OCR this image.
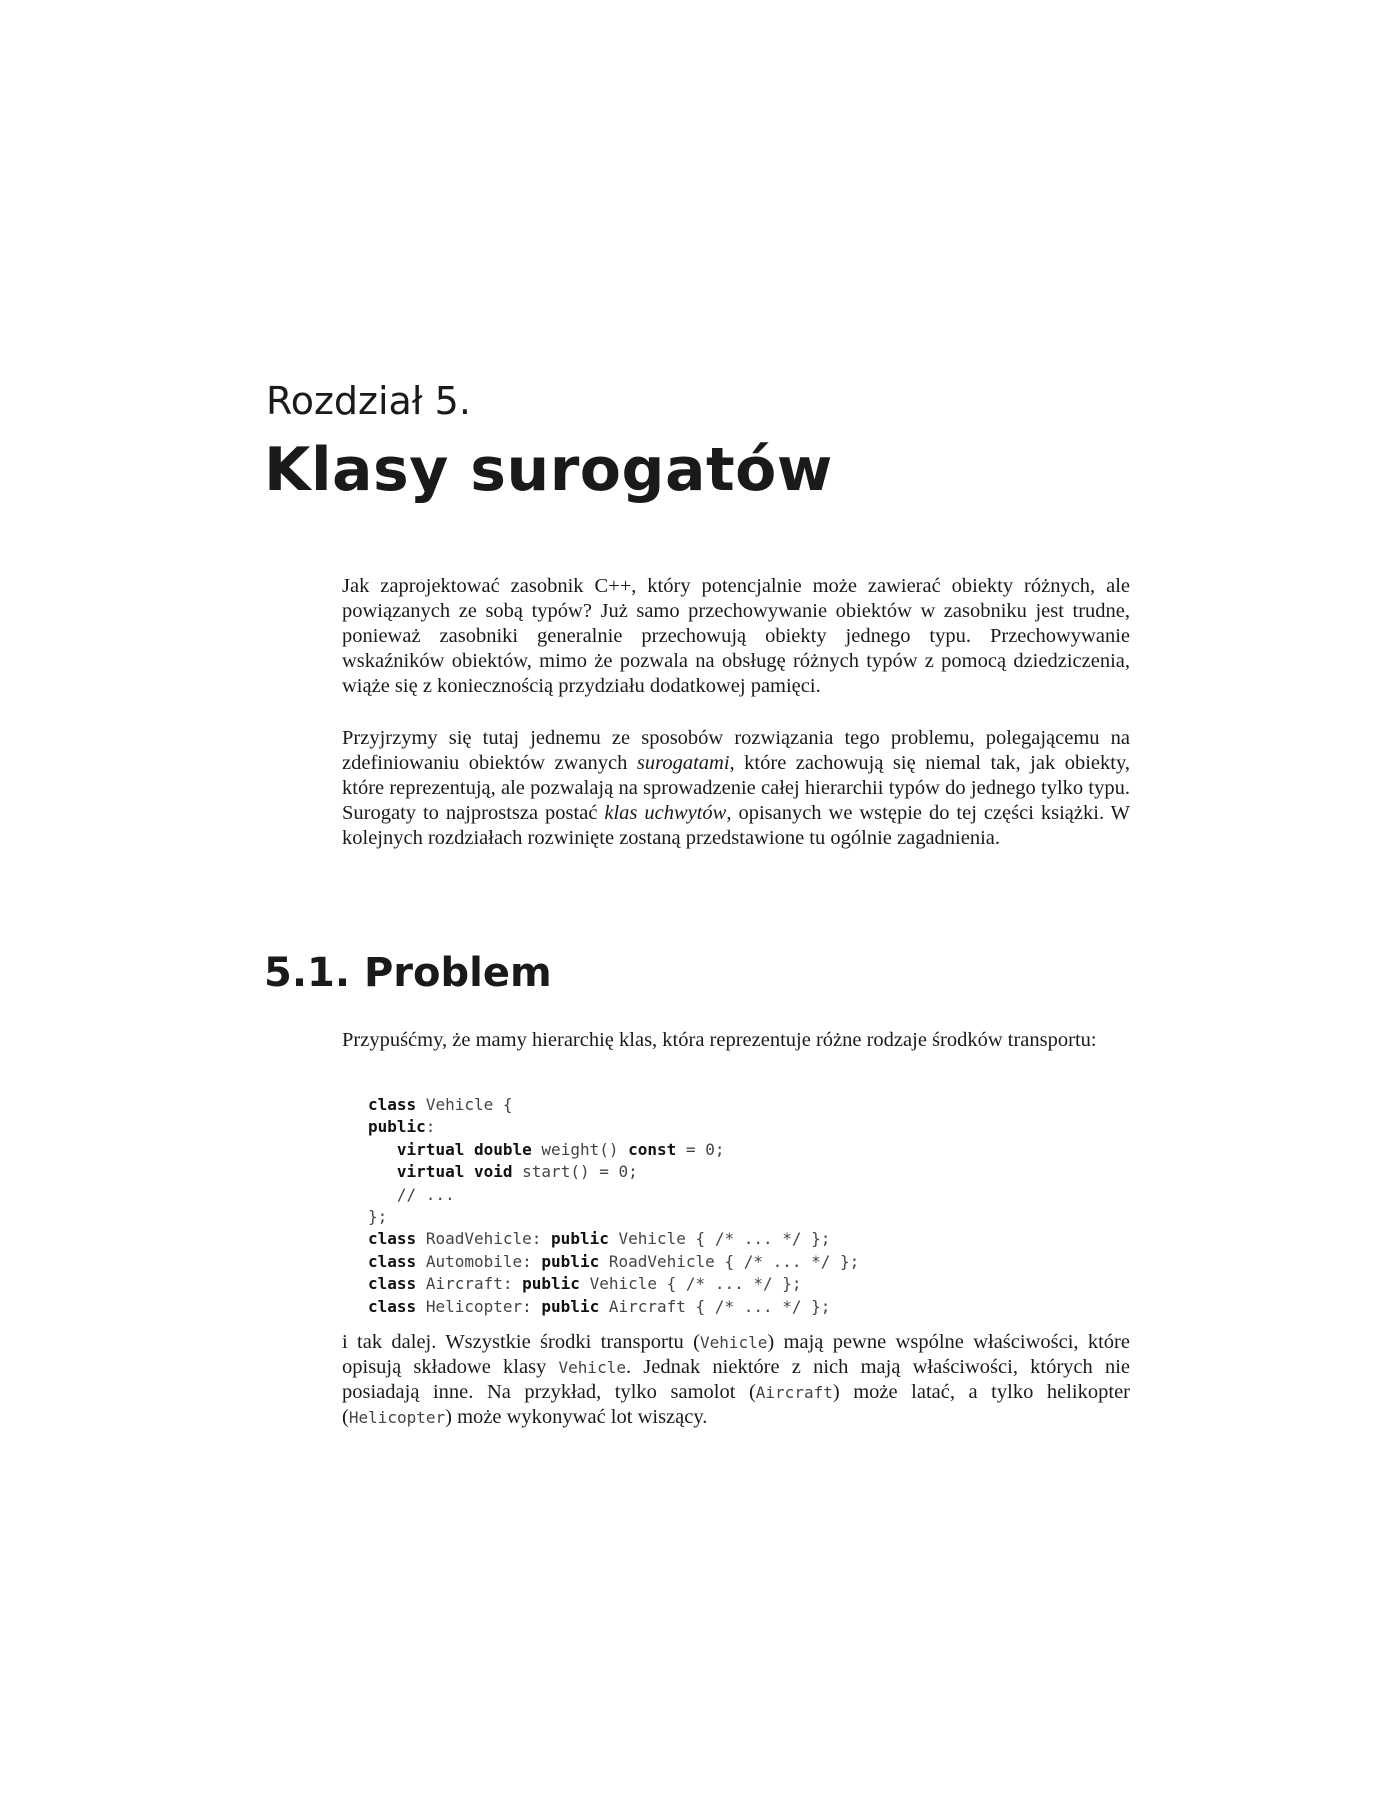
Rozdział 5.
Klasy surogatów

Jak zaprojektować zasobnik C++, który potencjalnie może zawierać obiekty różnych, ale powiązanych ze sobą typów? Już samo przechowywanie obiektów w zasobniku jest trudne, ponieważ zasobniki generalnie przechowują obiekty jednego typu. Przechowywanie wskaźników obiektów, mimo że pozwala na obsługę różnych typów z pomocą dziedziczenia, wiąże się z koniecznością przydziału dodatkowej pamięci.

Przyjrzymy się tutaj jednemu ze sposobów rozwiązania tego problemu, polegającemu na zdefiniowaniu obiektów zwanych surogatami, które zachowują się niemal tak, jak obiekty, które reprezentują, ale pozwalają na sprowadzenie całej hierarchii typów do jednego tylko typu. Surogaty to najprostsza postać klas uchwytów, opisanych we wstępie do tej części książki. W kolejnych rozdziałach rozwinięte zostaną przedstawione tu ogólnie zagadnienia.

5.1. Problem

Przypuśćmy, że mamy hierarchię klas, która reprezentuje różne rodzaje środków transportu:

class Vehicle {
public:
virtual double weight() const = 0;
virtual void start() = 0;
// ...
};
class RoadVehicle: public Vehicle { /* ... */ };
class Automobile: public RoadVehicle { /* ... */ };
class Aircraft: public Vehicle { /* ... */ };
class Helicopter: public Aircraft { /* ... */ };

i tak dalej. Wszystkie środki transportu (Vehicle) mają pewne wspólne właściwości, które opisują składowe klasy Vehicle. Jednak niektóre z nich mają właściwości, których nie posiadają inne. Na przykład, tylko samolot (Aircraft) może latać, a tylko helikopter (Helicopter) może wykonywać lot wiszący.
